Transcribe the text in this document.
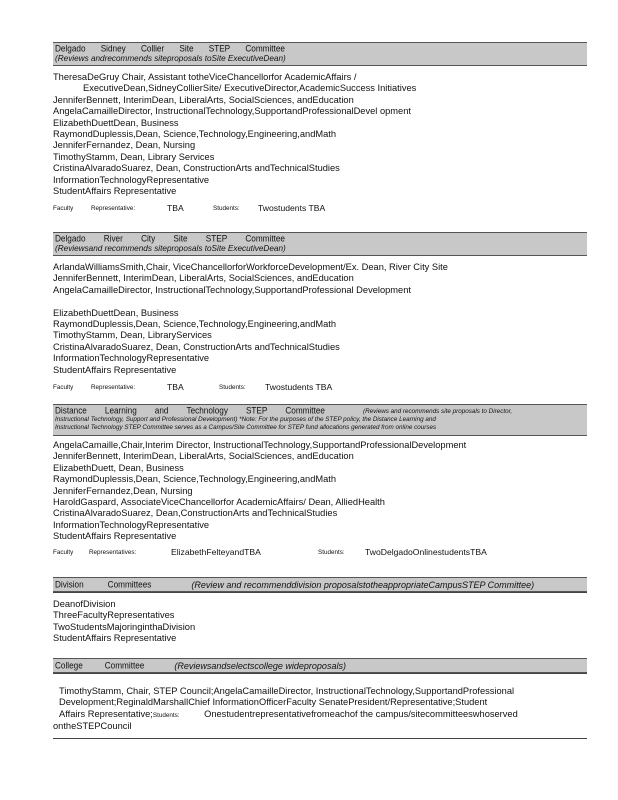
Delgado Sidney Collier Site STEP Committee
(Reviews andrecommends siteproposals toSite ExecutiveDean)
TheresaDeGruy Chair, Assistant totheViceChancellorfor AcademicAffairs /
ExecutiveDean,SidneyCollierSite/ ExecutiveDirector,AcademicSuccess Initiatives
JenniferBennett, InterimDean, LiberalArts, SocialSciences, andEducation
AngelaCamailleDirector, InstructionalTechnology,SupportandProfessionalDevel opment
ElizabethDuettDean, Business
RaymondDuplessis,Dean, Science,Technology,Engineering,andMath
JenniferFernandez, Dean, Nursing
TimothyStamm, Dean, Library Services
CristinaAlvaradoSuarez, Dean, ConstructionArts andTechnicalStudies
InformationTechnologyRepresentative
StudentAffairs Representative
Faculty	Representative:	TBA	Students: Twostudents TBA
Delgado River City Site STEP Committee
(Reviewsand recommends siteproposals toSite ExecutiveDean)
ArlandaWilliamsSmith,Chair, ViceChancellorforWorkforceDevelopment/Ex. Dean, River City Site
JenniferBennett, InterimDean, LiberalArts, SocialSciences, andEducation
AngelaCamailleDirector, InstructionalTechnology,SupportandProfessional Development
ElizabethDuettDean, Business
RaymondDuplessis,Dean, Science,Technology,Engineering,andMath
TimothyStamm, Dean, LibraryServices
CristinaAlvaradoSuarez, Dean, ConstructionArts andTechnicalStudies
InformationTechnologyRepresentative
StudentAffairs Representative
Faculty	Representative:	TBA	Students: Twostudents TBA
Distance Learning and Technology STEP Committee	(Reviews and recommends site proposals to Director,
Instructional Technology, Support and Professional Development) *Note: For the purposes of the STEP policy, the Distance Learning and
Instructional Technology STEP Committee serves as a Campus/Site Committee for STEP fund allocations generated from online courses
AngelaCamaille,Chair,Interim Director, InstructionalTechnology,SupportandProfessionalDevelopment
JenniferBennett, InterimDean, LiberalArts, SocialSciences, andEducation
ElizabethDuett, Dean, Business
RaymondDuplessis,Dean, Science,Technology,Engineering,andMath
JenniferFernandez,Dean, Nursing
HaroldGaspard, AssociateViceChancellorfor AcademicAffairs/ Dean, AlliedHealth
CristinaAlvaradoSuarez, Dean,ConstructionArts andTechnicalStudies
InformationTechnologyRepresentative
StudentAffairs Representative
Faculty Representatives:	ElizabethFelteyandTBA	Students: TwoDelgadoOnlinestudentsTBA
Division	Committees	(Review and recommenddivision proposalstotheappropriateCampusSTEP Committee)
DeanofDivision
ThreeFacultyRepresentatives
TwoStudentsMajoringinthaDivision
StudentAffairs Representative
College	Committee	(Reviewsandselectscollege wideproposals)
TimothyStamm, Chair, STEP Council;AngelaCamailleDirector, InstructionalTechnology,SupportandProfessional
Development;ReginaldMarshallChief InformationOfficerFaculty SenatePresident/Representative;Student
Affairs Representative;Students:	Onestudentrepresentativefromeachof the campus/sitecommitteeswhoserved
ontheSTEPCouncil
